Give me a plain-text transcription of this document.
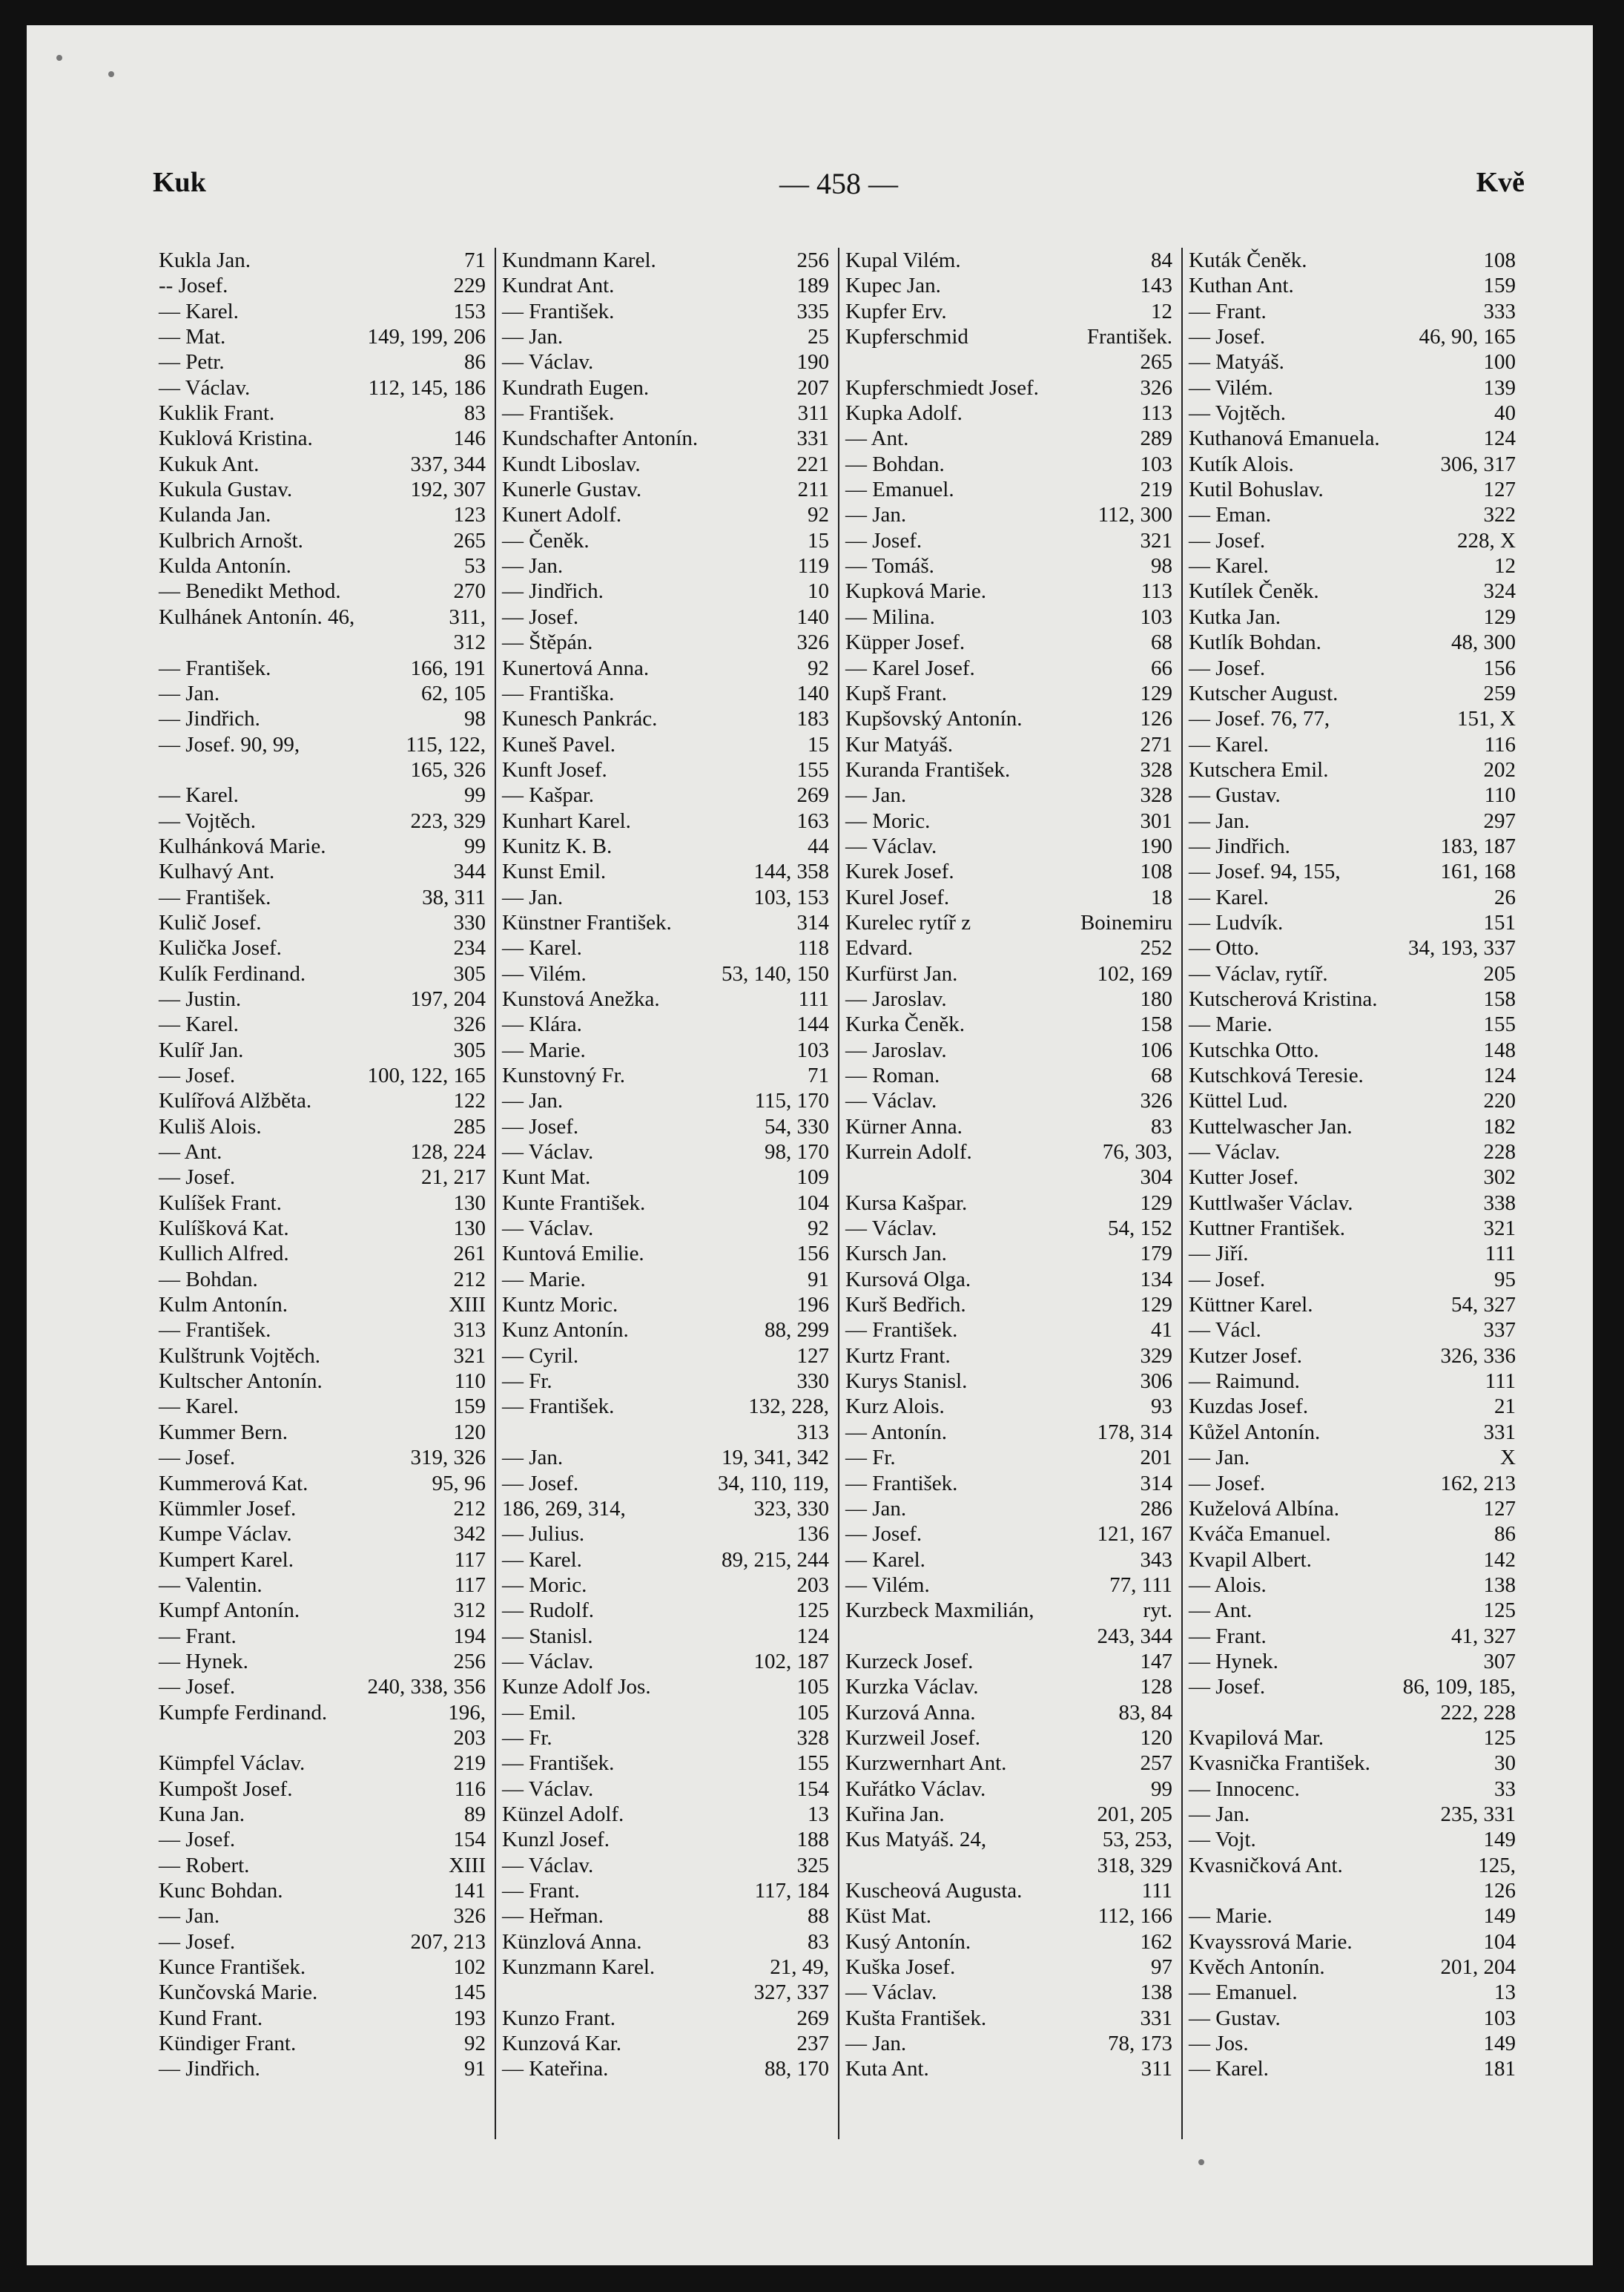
Kuk	— 458 —	Kvě
Kukla Jan.	71
-- Josef.	229
— Karel.	153
— Mat.	149, 199, 206
— Petr.	86
— Václav.	112, 145, 186
Kuklik Frant.	83
Kuklová Kristina.	146
Kukuk Ant.	337, 344
Kukula Gustav.	192, 307
Kulanda Jan.	123
Kulbrich Arnošt.	265
Kulda Antonín.	53
— Benedikt Method.	270
Kulhánek Antonín. 46,	311,
312
— František.	166, 191
— Jan.	62, 105
— Jindřich.	98
— Josef. 90, 99,	115, 122,
165, 326
— Karel.	99
— Vojtěch.	223, 329
Kulhánková Marie.	99
Kulhavý Ant.	344
— František.	38, 311
Kulič Josef.	330
Kulička Josef.	234
Kulík Ferdinand.	305
— Justin.	197, 204
— Karel.	326
Kulíř Jan.	305
— Josef.	100, 122, 165
Kulířová Alžběta.	122
Kuliš Alois.	285
— Ant.	128, 224
— Josef.	21, 217
Kulíšek Frant.	130
Kulíšková Kat.	130
Kullich Alfred.	261
— Bohdan.	212
Kulm Antonín.	XIII
— František.	313
Kulštrunk Vojtěch.	321
Kultscher Antonín.	110
— Karel.	159
Kummer Bern.	120
— Josef.	319, 326
Kummerová Kat.	95, 96
Kümmler Josef.	212
Kumpe Václav.	342
Kumpert Karel.	117
— Valentin.	117
Kumpf Antonín.	312
— Frant.	194
— Hynek.	256
— Josef.	240, 338, 356
Kumpfe Ferdinand.	196,
203
Kümpfel Václav.	219
Kumpošt Josef.	116
Kuna Jan.	89
— Josef.	154
— Robert.	XIII
Kunc Bohdan.	141
— Jan.	326
— Josef.	207, 213
Kunce František.	102
Kunčovská Marie.	145
Kund Frant.	193
Kündiger Frant.	92
— Jindřich.	91
Kundmann Karel.	256
Kundrat Ant.	189
— František.	335
— Jan.	25
— Václav.	190
Kundrath Eugen.	207
— František.	311
Kundschafter Antonín.	331
Kundt Liboslav.	221
Kunerle Gustav.	211
Kunert Adolf.	92
— Čeněk.	15
— Jan.	119
— Jindřich.	10
— Josef.	140
— Štěpán.	326
Kunertová Anna.	92
— Františka.	140
Kunesch Pankrác.	183
Kuneš Pavel.	15
Kunft Josef.	155
— Kašpar.	269
Kunhart Karel.	163
Kunitz K. B.	44
Kunst Emil.	144, 358
— Jan.	103, 153
Künstner František.	314
— Karel.	118
— Vilém.	53, 140, 150
Kunstová Anežka.	111
— Klára.	144
— Marie.	103
Kunstovný Fr.	71
— Jan.	115, 170
— Josef.	54, 330
— Václav.	98, 170
Kunt Mat.	109
Kunte František.	104
— Václav.	92
Kuntová Emilie.	156
— Marie.	91
Kuntz Moric.	196
Kunz Antonín.	88, 299
— Cyril.	127
— Fr.	330
— František.	132, 228,
313
— Jan.	19, 341, 342
— Josef.	34, 110, 119,
186, 269, 314,	323, 330
— Julius.	136
— Karel.	89, 215, 244
— Moric.	203
— Rudolf.	125
— Stanisl.	124
— Václav.	102, 187
Kunze Adolf Jos.	105
— Emil.	105
— Fr.	328
— František.	155
— Václav.	154
Künzel Adolf.	13
Kunzl Josef.	188
— Václav.	325
— Frant.	117, 184
— Heřman.	88
Künzlová Anna.	83
Kunzmann Karel.	21, 49,
327, 337
Kunzo Frant.	269
Kunzová Kar.	237
— Kateřina.	88, 170
Kupal Vilém.	84
Kupec Jan.	143
Kupfer Erv.	12
Kupferschmid	František.
265
Kupferschmiedt Josef.	326
Kupka Adolf.	113
— Ant.	289
— Bohdan.	103
— Emanuel.	219
— Jan.	112, 300
— Josef.	321
— Tomáš.	98
Kupková Marie.	113
— Milina.	103
Küpper Josef.	68
— Karel Josef.	66
Kupš Frant.	129
Kupšovský Antonín.	126
Kur Matyáš.	271
Kuranda František.	328
— Jan.	328
— Moric.	301
— Václav.	190
Kurek Josef.	108
Kurel Josef.	18
Kurelec rytíř z	Boinemiru
Edvard.	252
Kurfürst Jan.	102, 169
— Jaroslav.	180
Kurka Čeněk.	158
— Jaroslav.	106
— Roman.	68
— Václav.	326
Kürner Anna.	83
Kurrein Adolf.	76, 303,
304
Kursa Kašpar.	129
— Václav.	54, 152
Kursch Jan.	179
Kursová Olga.	134
Kurš Bedřich.	129
— František.	41
Kurtz Frant.	329
Kurys Stanisl.	306
Kurz Alois.	93
— Antonín.	178, 314
— Fr.	201
— František.	314
— Jan.	286
— Josef.	121, 167
— Karel.	343
— Vilém.	77, 111
Kurzbeck Maxmilián,	ryt.
243, 344
Kurzeck Josef.	147
Kurzka Václav.	128
Kurzová Anna.	83, 84
Kurzweil Josef.	120
Kurzwernhart Ant.	257
Kuřátko Václav.	99
Kuřina Jan.	201, 205
Kus Matyáš. 24,	53, 253,
318, 329
Kuscheová Augusta.	111
Küst Mat.	112, 166
Kusý Antonín.	162
Kuška Josef.	97
— Václav.	138
Kušta František.	331
— Jan.	78, 173
Kuta Ant.	311
Kuták Čeněk.	108
Kuthan Ant.	159
— Frant.	333
— Josef.	46, 90, 165
— Matyáš.	100
— Vilém.	139
— Vojtěch.	40
Kuthanová Emanuela.	124
Kutík Alois.	306, 317
Kutil Bohuslav.	127
— Eman.	322
— Josef.	228, X
— Karel.	12
Kutílek Čeněk.	324
Kutka Jan.	129
Kutlík Bohdan.	48, 300
— Josef.	156
Kutscher August.	259
— Josef. 76, 77,	151, X
— Karel.	116
Kutschera Emil.	202
— Gustav.	110
— Jan.	297
— Jindřich.	183, 187
— Josef. 94, 155,	161, 168
— Karel.	26
— Ludvík.	151
— Otto.	34, 193, 337
— Václav, rytíř.	205
Kutscherová Kristina.	158
— Marie.	155
Kutschka Otto.	148
Kutschková Teresie.	124
Küttel Lud.	220
Kuttelwascher Jan.	182
— Václav.	228
Kutter Josef.	302
Kuttlwašer Václav.	338
Kuttner František.	321
— Jiří.	111
— Josef.	95
Küttner Karel.	54, 327
— Václ.	337
Kutzer Josef.	326, 336
— Raimund.	111
Kuzdas Josef.	21
Kůžel Antonín.	331
— Jan.	X
— Josef.	162, 213
Kuželová Albína.	127
Kváča Emanuel.	86
Kvapil Albert.	142
— Alois.	138
— Ant.	125
— Frant.	41, 327
— Hynek.	307
— Josef.	86, 109, 185,
222, 228
Kvapilová Mar.	125
Kvasnička František.	30
— Innocenc.	33
— Jan.	235, 331
— Vojt.	149
Kvasničková Ant.	125,
126
— Marie.	149
Kvayssrová Marie.	104
Kvěch Antonín.	201, 204
— Emanuel.	13
— Gustav.	103
— Jos.	149
— Karel.	181
